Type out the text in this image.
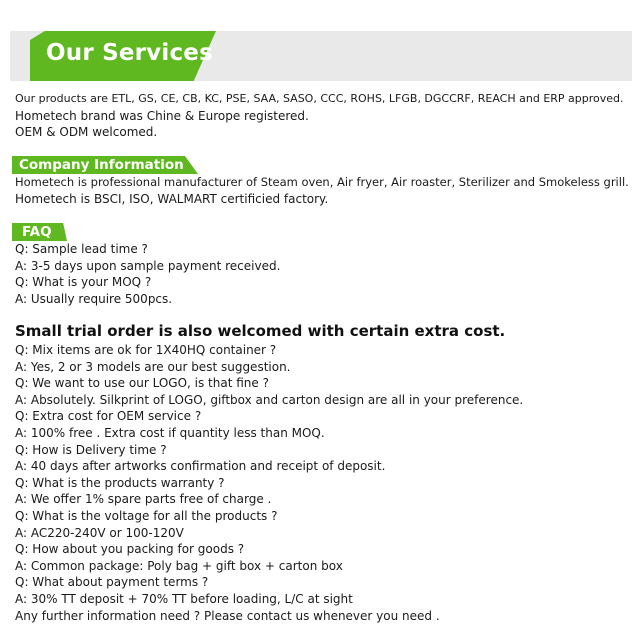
Our Services
Our products are ETL, GS, CE, CB, KC, PSE, SAA, SASO, CCC, ROHS, LFGB, DGCCRF, REACH and ERP approved.
Hometech brand was Chine & Europe registered.
OEM & ODM welcomed.
Company Information
Hometech is professional manufacturer of Steam oven, Air fryer, Air roaster, Sterilizer and Smokeless grill.
Hometech is BSCI, ISO, WALMART certificied factory.
FAQ
Q: Sample lead time ?
A: 3-5 days upon sample payment received.
Q: What is your MOQ ?
A: Usually require 500pcs.
Small trial order is also welcomed with certain extra cost.
Q: Mix items are ok for 1X40HQ container ?
A: Yes, 2 or 3 models are our best suggestion.
Q: We want to use our LOGO, is that fine ?
A: Absolutely. Silkprint of LOGO, giftbox and carton design are all in your preference.
Q: Extra cost for OEM service ?
A: 100% free . Extra cost if quantity less than MOQ.
Q: How is Delivery time ?
A: 40 days after artworks confirmation and receipt of deposit.
Q: What is the products warranty ?
A: We offer 1% spare parts free of charge .
Q: What is the voltage for all the products ?
A: AC220-240V or 100-120V
Q: How about you packing for goods ?
A: Common package: Poly bag + gift box + carton box
Q: What about payment terms ?
A: 30% TT deposit + 70% TT before loading, L/C at sight
Any further information need ? Please contact us whenever you need .
